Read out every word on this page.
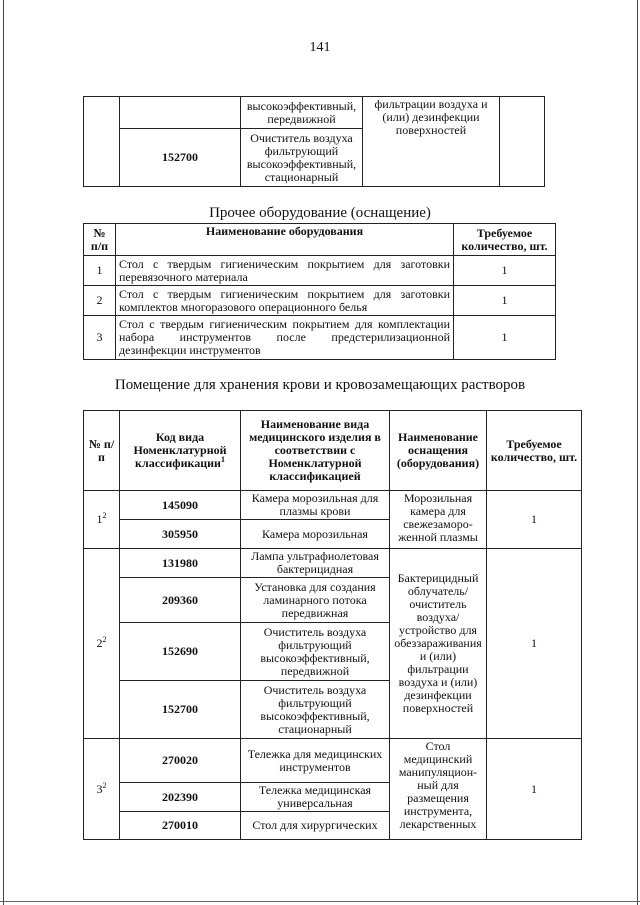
141
		высокоэффективный, передвижной	фильтрации воздуха и (или) дезинфекции поверхностей	
	152700	Очиститель воздуха фильтрующий высокоэффективный, стационарный		
Прочее оборудование (оснащение)
№ п/п	Наименование оборудования	Требуемое количество, шт.
1	Стол с твердым гигиеническим покрытием для заготовки перевязочного материала	1
2	Стол с твердым гигиеническим покрытием для заготовки комплектов многоразового операционного белья	1
3	Стол с твердым гигиеническим покрытием для комплектации набора инструментов после предстерилизационной дезинфекции инструментов	1
Помещение для хранения крови и кровозамещающих растворов
№ п/п	Код вида Номенклатурной классификации$^1$	Наименование вида медицинского изделия в соответствии с Номенклатурной классификацией	Наименование оснащения (оборудования)	Требуемое количество, шт.
$1^2$	145090	Камера морозильная для плазмы крови	Морозильная камера для свежезаморо-женной плазмы	1
	305950	Камера морозильная		
$2^2$	131980	Лампа ультрафиолетовая бактерицидная	Бактерицидный облучатель/ очиститель воздуха/ устройство для обеззараживания и (или) фильтрации воздуха и (или) дезинфекции поверхностей	1
	209360	Установка для создания ламинарного потока передвижная		
	152690	Очиститель воздуха фильтрующий высокоэффективный, передвижной		
	152700	Очиститель воздуха фильтрующий высокоэффективный, стационарный		
$3^2$	270020	Тележка для медицинских инструментов	Стол медицинский манипуляцион-ный для размещения инструмента, лекарственных	1
	202390	Тележка медицинская универсальная		
	270010	Стол для хирургических		
